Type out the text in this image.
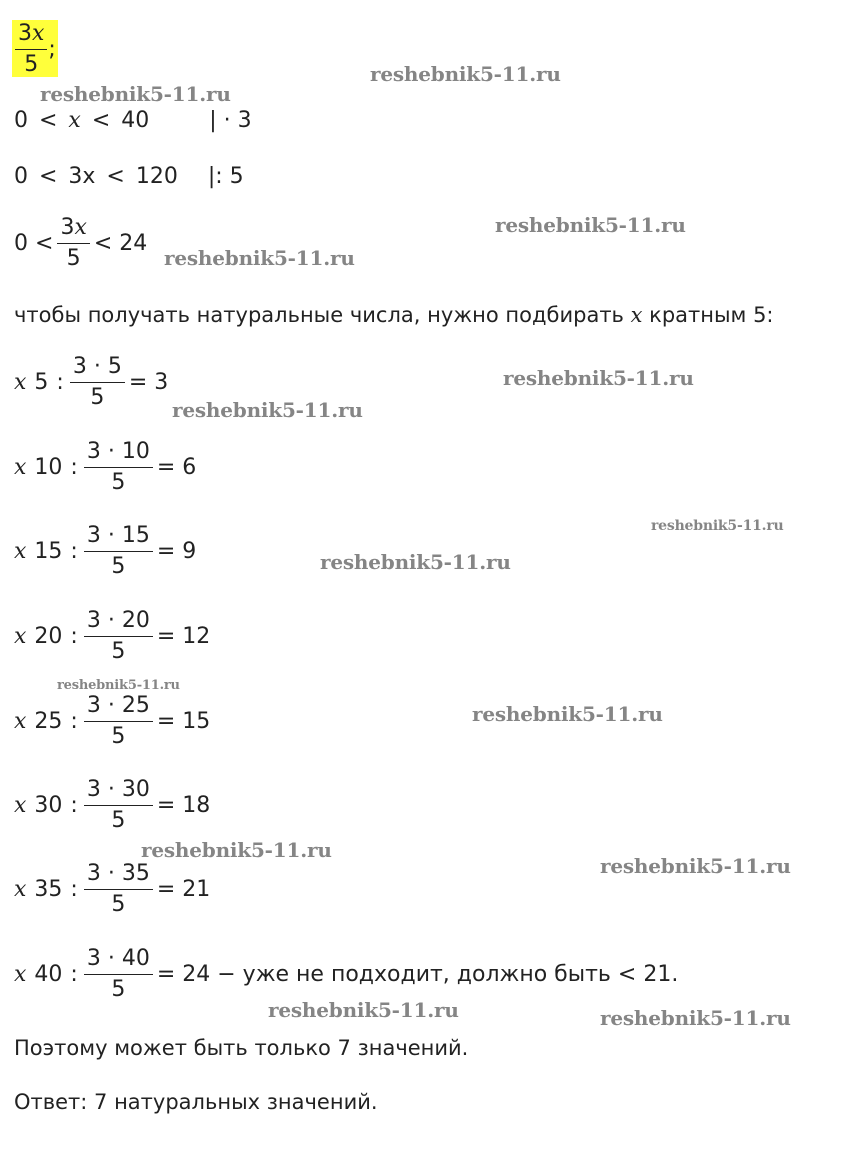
$\frac{3x}{5}$ ;
0 < x < 40	| · 3
0 < 3x < 120 |: 5
$0 < \frac{3x}{5} < 24$
чтобы получать натуральные числа, нужно подбирать x кратным 5:
x 5 : $\frac{3 \cdot 5}{5} = 3$
x 10 : $\frac{3 \cdot 10}{5} = 6$
x 15 : $\frac{3 \cdot 15}{5} = 9$
x 20 : $\frac{3 \cdot 20}{5} = 12$
x 25 : $\frac{3 \cdot 25}{5} = 15$
x 30 : $\frac{3 \cdot 30}{5} = 18$
x 35 : $\frac{3 \cdot 35}{5} = 21$
x 40 : $\frac{3 \cdot 40}{5} = 24$ − уже не подходит, должно быть < 21.
Поэтому может быть только 7 значений.
Ответ: 7 натуральных значений.
reshebnik5-11.ru
reshebnik5-11.ru
reshebnik5-11.ru
reshebnik5-11.ru
reshebnik5-11.ru
reshebnik5-11.ru
reshebnik5-11.ru
reshebnik5-11.ru
reshebnik5-11.ru
reshebnik5-11.ru
reshebnik5-11.ru
reshebnik5-11.ru
reshebnik5-11.ru	reshebnik5-11.ru
